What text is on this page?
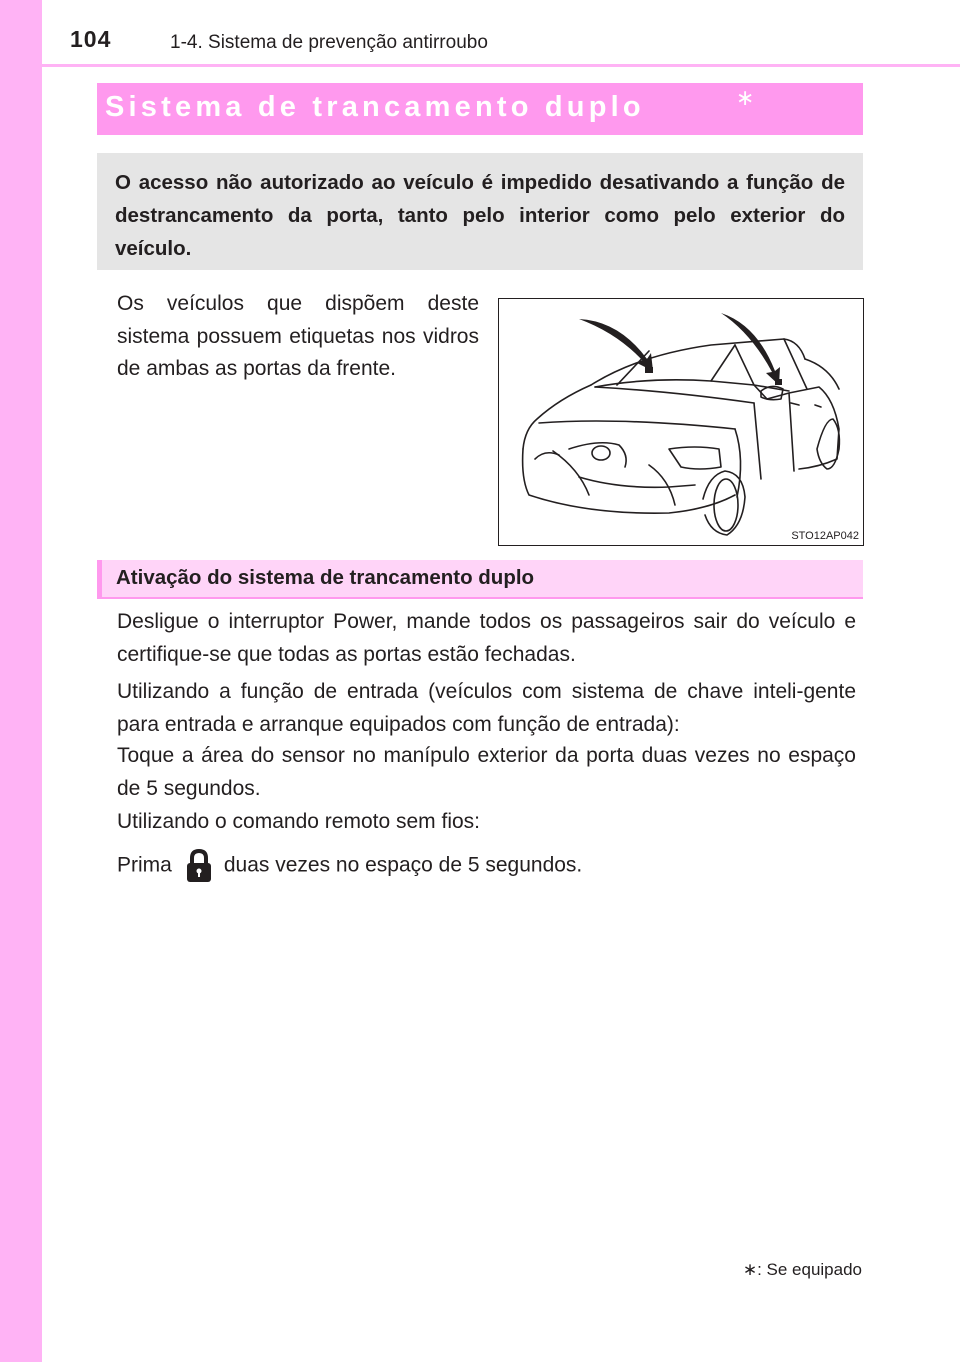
104	1-4. Sistema de prevenção antirroubo
Sistema de trancamento duplo	∗
O acesso não autorizado ao veículo é impedido desativando a função de destrancamento da porta, tanto pelo interior como pelo exterior do veículo.
Os veículos que dispõem deste sistema possuem etiquetas nos vidros de ambas as portas da frente.
STO12AP042
Ativação do sistema de trancamento duplo
Desligue o interruptor Power, mande todos os passageiros sair do veículo e certifique-se que todas as portas estão fechadas.
Utilizando a função de entrada (veículos com sistema de chave inteli-gente para entrada e arranque equipados com função de entrada):
Toque a área do sensor no manípulo exterior da porta duas vezes no espaço de 5 segundos.
Utilizando o comando remoto sem fios:
Prima duas vezes no espaço de 5 segundos.
∗: Se equipado
